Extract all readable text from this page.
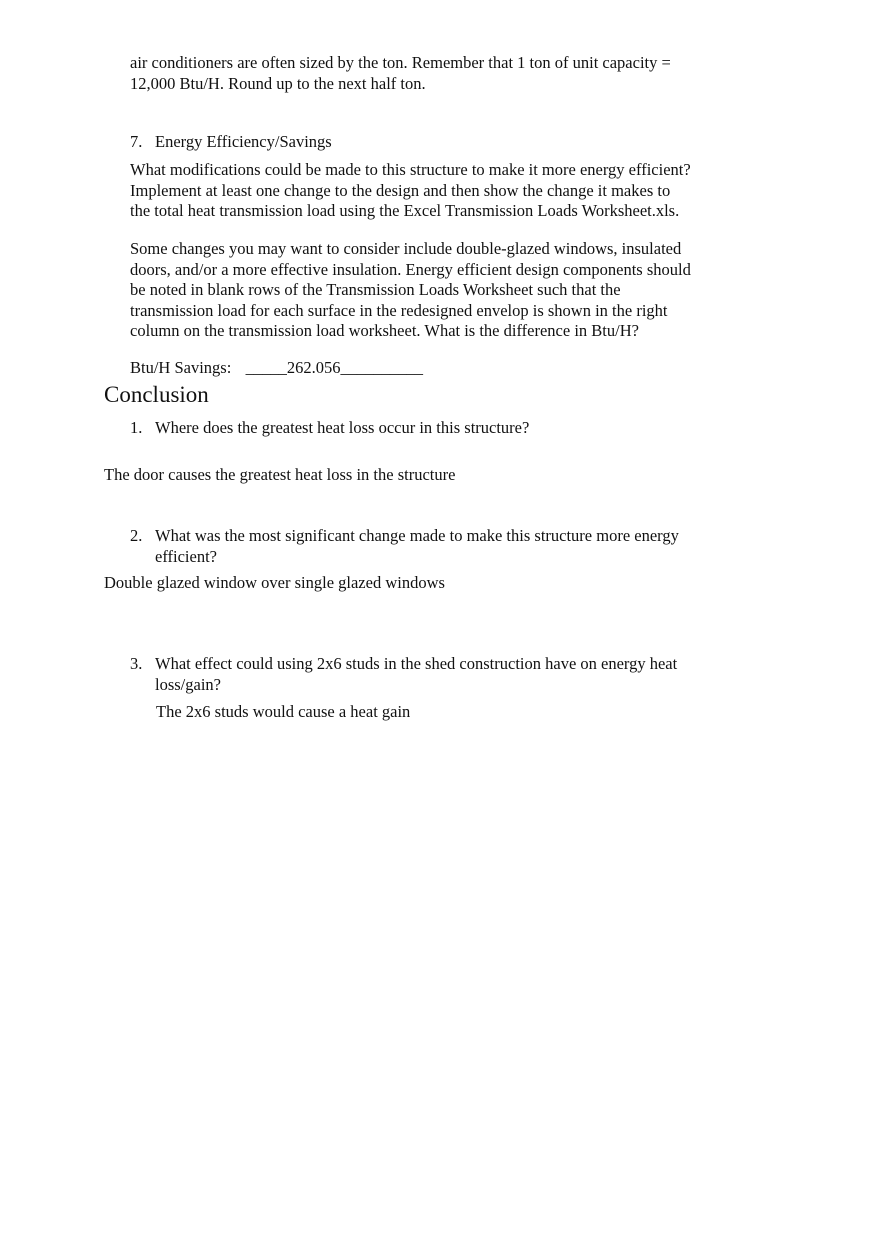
air conditioners are often sized by the ton. Remember that 1 ton of unit capacity =
12,000 Btu/H. Round up to the next half ton.

7. Energy Efficiency/Savings

What modifications could be made to this structure to make it more energy efficient?
Implement at least one change to the design and then show the change it makes to
the total heat transmission load using the Excel Transmission Loads Worksheet.xls.

Some changes you may want to consider include double-glazed windows, insulated
doors, and/or a more effective insulation. Energy efficient design components should
be noted in blank rows of the Transmission Loads Worksheet such that the
transmission load for each surface in the redesigned envelop is shown in the right
column on the transmission load worksheet. What is the difference in Btu/H?

Btu/H Savings: _____262.056__________
Conclusion
1. Where does the greatest heat loss occur in this structure?
The door causes the greatest heat loss in the structure
2. What was the most significant change made to make this structure more energy
efficient?
Double glazed window over single glazed windows
3. What effect could using 2x6 studs in the shed construction have on energy heat
loss/gain?
The 2x6 studs would cause a heat gain
